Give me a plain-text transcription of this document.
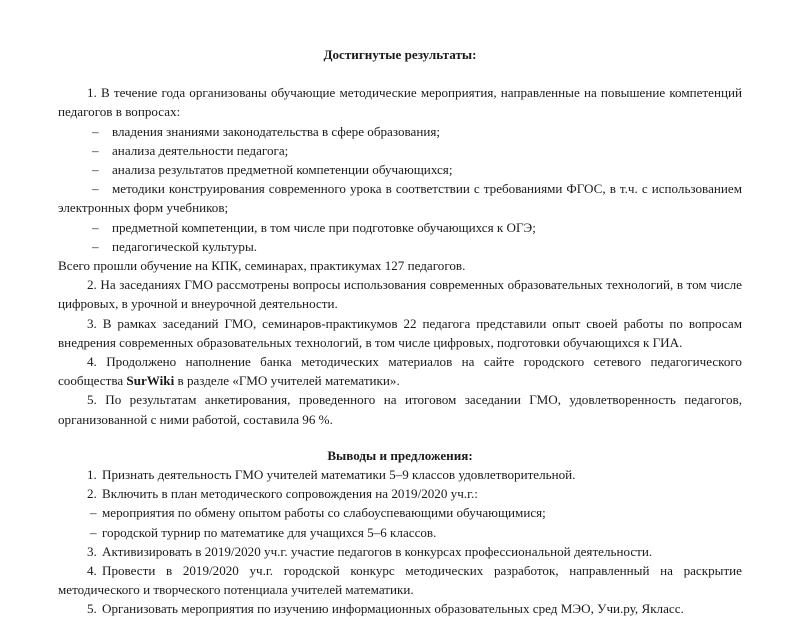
Достигнутые результаты:

1. В течение года организованы обучающие методические мероприятия, направленные на повышение компетенций педагогов в вопросах:

– владения знаниями законодательства в сфере образования;
– анализа деятельности педагога;
– анализа результатов предметной компетенции обучающихся;
–	методики конструирования современного урока в соответствии с требованиями ФГОС, в т.ч. с использованием электронных форм учебников;
– предметной компетенции, в том числе при подготовке обучающихся к ОГЭ;
– педагогической культуры.

Всего прошли обучение на КПК, семинарах, практикумах 127 педагогов.

2. На заседаниях ГМО рассмотрены вопросы использования современных образовательных технологий, в том числе цифровых, в урочной и внеурочной деятельности.

3. В рамках заседаний ГМО, семинаров-практикумов 22 педагога представили опыт своей работы по вопросам внедрения современных образовательных технологий, в том числе цифровых, подготовки обучающихся к ГИА.

4. Продолжено наполнение банка методических материалов на сайте городского сетевого педагогического сообщества SurWiki в разделе «ГМО учителей математики».

5. По результатам анкетирования, проведенного на итоговом заседании ГМО, удовлетворенность педагогов, организованной с ними работой, составила 96 %.

Выводы и предложения:
1. Признать деятельность ГМО учителей математики 5–9 классов удовлетворительной.
2. Включить в план методического сопровождения на 2019/2020 уч.г.:
– мероприятия по обмену опытом работы со слабоуспевающими обучающимися;
– городской турнир по математике для учащихся 5–6 классов.
3. Активизировать в 2019/2020 уч.г. участие педагогов в конкурсах профессиональной деятельности.
4. Провести в 2019/2020 уч.г. городской конкурс методических разработок, направленный на раскрытие методического и творческого потенциала учителей математики.
5. Организовать мероприятия по изучению информационных образовательных сред МЭО, Учи.ру, Якласс.
